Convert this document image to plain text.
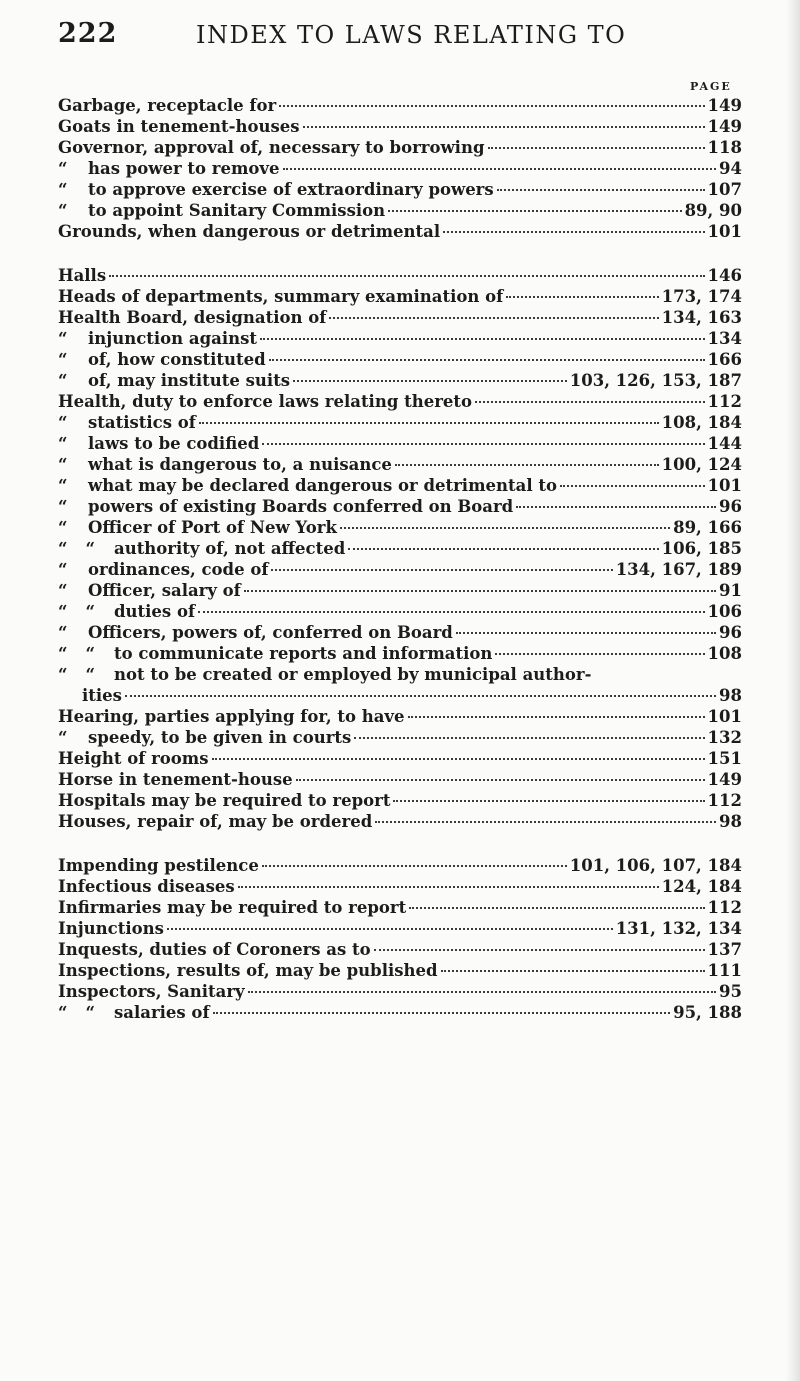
222	INDEX TO LAWS RELATING TO
PAGE
Garbage, receptacle for	149
Goats in tenement-houses	149
Governor, approval of, necessary to borrowing	118
“	has power to remove	94
“	to approve exercise of extraordinary powers	107
“	to appoint Sanitary Commission	89, 90
Grounds, when dangerous or detrimental	101
Halls	146
Heads of departments, summary examination of	173, 174
Health Board, designation of	134, 163
“	injunction against	134
“	of, how constituted	166
“	of, may institute suits	103, 126, 153, 187
Health, duty to enforce laws relating thereto	112
“	statistics of	108, 184
“	laws to be codified	144
“	what is dangerous to, a nuisance	100, 124
“	what may be declared dangerous or detrimental to	101
“	powers of existing Boards conferred on Board	96
“	Officer of Port of New York	89, 166
“ “	authority of, not affected	106, 185
“	ordinances, code of	134, 167, 189
“	Officer, salary of	91
“ “	duties of	106
“	Officers, powers of, conferred on Board	96
“ “	to communicate reports and information	108
“ “	not to be created or employed by municipal author-
ities	98
Hearing, parties applying for, to have	101
“	speedy, to be given in courts	132
Height of rooms	151
Horse in tenement-house	149
Hospitals may be required to report	112
Houses, repair of, may be ordered	98
Impending pestilence	101, 106, 107, 184
Infectious diseases	124, 184
Infirmaries may be required to report	112
Injunctions	131, 132, 134
Inquests, duties of Coroners as to	137
Inspections, results of, may be published	111
Inspectors, Sanitary	95
“ “	salaries of	95, 188
